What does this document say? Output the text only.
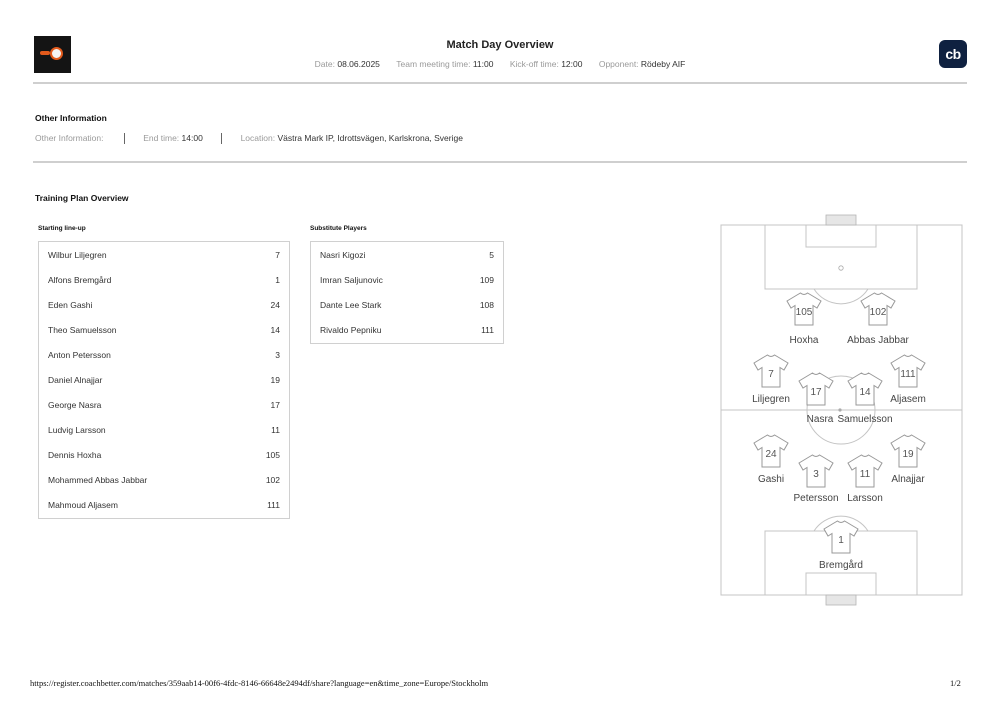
cb
Match Day Overview
Date: 08.06.2025 Team meeting time: 11:00 Kick-off time: 12:00 Opponent: Rödeby AIF
Other Information
Other Information:	End time: 14:00	Location: Västra Mark IP, Idrottsvägen, Karlskrona, Sverige
Training Plan Overview
Starting line-up
Wilbur Liljegren	7
Alfons Bremgård	1
Eden Gashi	24
Theo Samuelsson	14
Anton Petersson	3
Daniel Alnajjar	19
George Nasra	17
Ludvig Larsson	11
Dennis Hoxha	105
Mohammed Abbas Jabbar	102
Mahmoud Aljasem	111
Substitute Players
Nasri Kigozi	5
Imran Saljunovic	109
Dante Lee Stark	108
Rivaldo Pepniku	111
105
Hoxha
102
Abbas Jabbar
7
Liljegren
17
Nasra
14
Samuelsson
111
Aljasem
24
Gashi	3
Petersson
11
Larsson
19
Alnajjar
1
Bremgård
https://register.coachbetter.com/matches/359aab14-00f6-4fdc-8146-66648e2494df/share?language=en&time_zone=Europe/Stockholm	1/2
